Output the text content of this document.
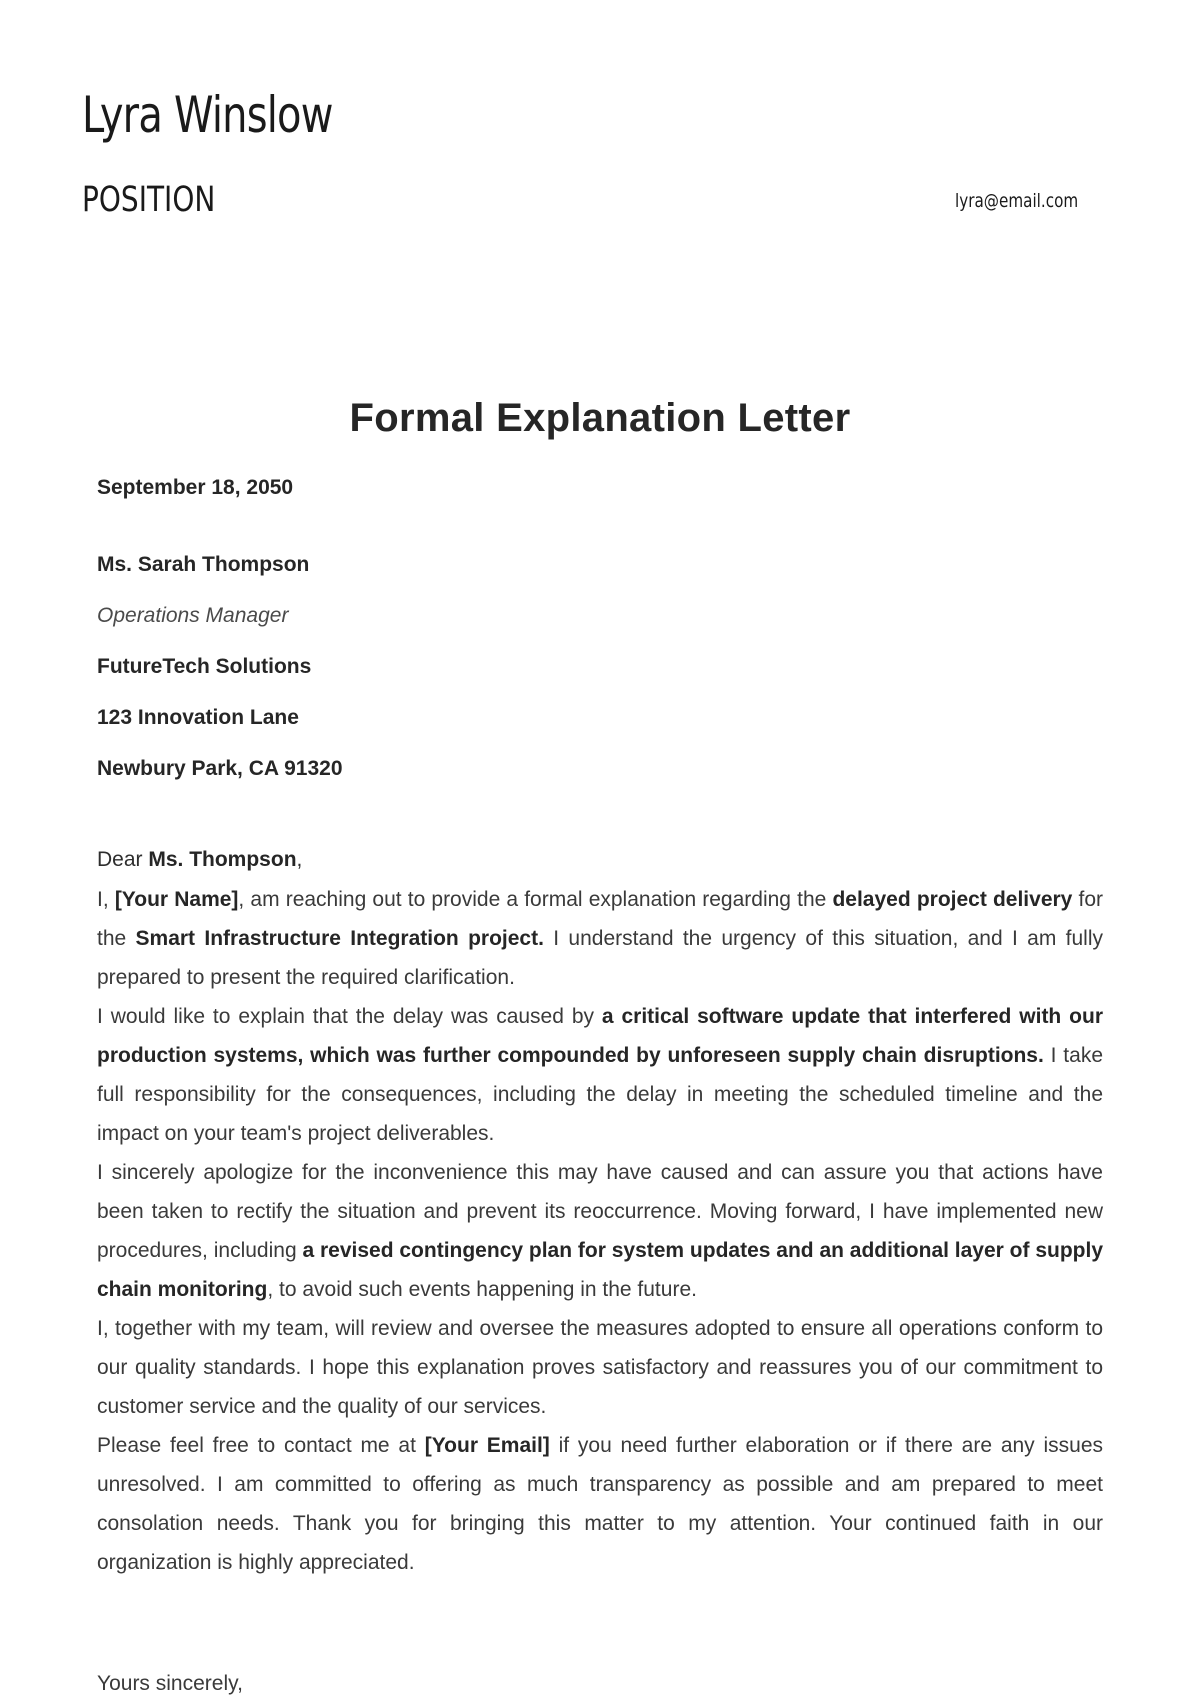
Lyra Winslow
POSITION	lyra@email.com
Formal Explanation Letter
September 18, 2050
Ms. Sarah Thompson
Operations Manager
FutureTech Solutions
123 Innovation Lane
Newbury Park, CA 91320
Dear Ms. Thompson,

I, [Your Name], am reaching out to provide a formal explanation regarding the delayed project delivery for the Smart Infrastructure Integration project. I understand the urgency of this situation, and I am fully prepared to present the required clarification.

I would like to explain that the delay was caused by a critical software update that interfered with our production systems, which was further compounded by unforeseen supply chain disruptions. I take full responsibility for the consequences, including the delay in meeting the scheduled timeline and the impact on your team's project deliverables.

I sincerely apologize for the inconvenience this may have caused and can assure you that actions have been taken to rectify the situation and prevent its reoccurrence. Moving forward, I have implemented new procedures, including a revised contingency plan for system updates and an additional layer of supply chain monitoring, to avoid such events happening in the future.

I, together with my team, will review and oversee the measures adopted to ensure all operations conform to our quality standards. I hope this explanation proves satisfactory and reassures you of our commitment to customer service and the quality of our services.

Please feel free to contact me at [Your Email] if you need further elaboration or if there are any issues unresolved. I am committed to offering as much transparency as possible and am prepared to meet consolation needs. Thank you for bringing this matter to my attention. Your continued faith in our organization is highly appreciated.

Yours sincerely,
